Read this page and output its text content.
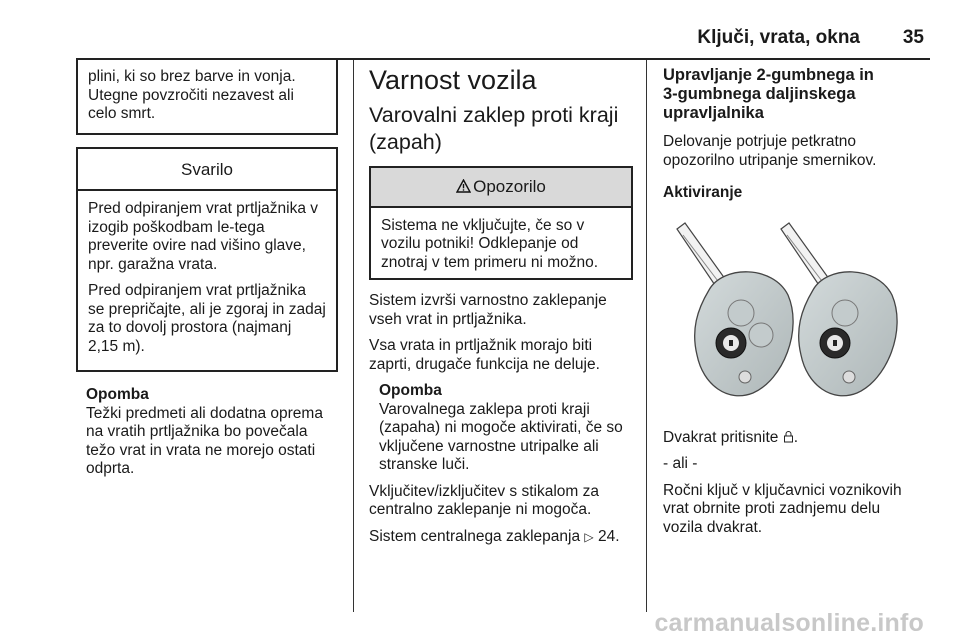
Ključi, vrata, okna 35
plini, ki so brez barve in vonja.
Utegne povzročiti nezavest ali
celo smrt.
Svarilo

Pred odpiranjem vrat prtljažnika v
izogib poškodbam le-tega
preverite ovire nad višino glave,
npr. garažna vrata.

Pred odpiranjem vrat prtljažnika
se prepričajte, ali je zgoraj in zadaj
za to dovolj prostora (najmanj
2,15 m).

Opomba
Težki predmeti ali dodatna oprema
na vratih prtljažnika bo povečala
težo vrat in vrata ne morejo ostati
odprta.
Varnost vozila
Varovalni zaklep proti kraji
(zapah)
Opozorilo
Sistema ne vključujte, če so v
vozilu potniki! Odklepanje od
znotraj v tem primeru ni možno.

Sistem izvrši varnostno zaklepanje
vseh vrat in prtljažnika.

Vsa vrata in prtljažnik morajo biti
zaprti, drugače funkcija ne deluje.

Opomba
Varovalnega zaklepa proti kraji
(zapaha) ni mogoče aktivirati, če so
vključene varnostne utripalke ali
stranske luči.

Vključitev/izključitev s stikalom za
centralno zaklepanje ni mogoča.

Sistem centralnega zaklepanja ▷ 24.

Upravljanje 2-gumbnega in
3-gumbnega daljinskega
upravljalnika

Delovanje potrjuje petkratno
opozorilno utripanje smernikov.

Aktiviranje

Dvakrat pritisnite .

- ali -

Ročni ključ v ključavnici voznikovih
vrat obrnite proti zadnjemu delu
vozila dvakrat.

carmanualsonline.info
